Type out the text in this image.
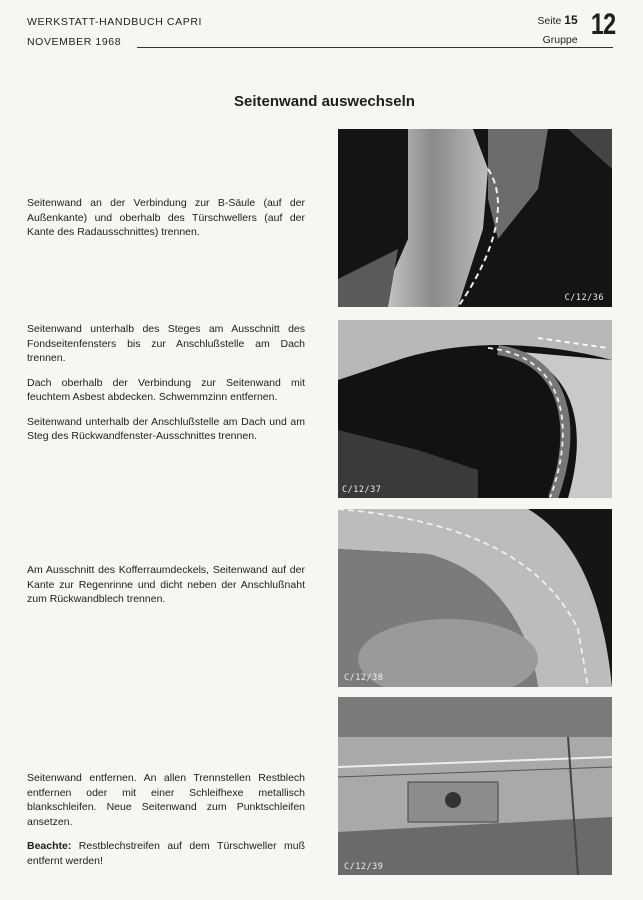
WERKSTATT-HANDBUCH CAPRI
NOVEMBER 1968
Seite 15
Gruppe 12
Seitenwand auswechseln

Seitenwand an der Verbindung zur B-Säule (auf der Außenkante) und oberhalb des Türschwellers (auf der Kante des Radausschnittes) trennen.

Seitenwand unterhalb des Steges am Ausschnitt des Fondseitenfensters bis zur Anschlußstelle am Dach trennen.

Dach oberhalb der Verbindung zur Seitenwand mit feuchtem Asbest abdecken. Schwemmzinn entfernen.

Seitenwand unterhalb der Anschlußstelle am Dach und am Steg des Rückwandfenster-Ausschnittes trennen.

Am Ausschnitt des Kofferraumdeckels, Seitenwand auf der Kante zur Regenrinne und dicht neben der Anschlußnaht zum Rückwandblech trennen.

Seitenwand entfernen. An allen Trennstellen Restblech entfernen oder mit einer Schleifhexe metallisch blankschleifen. Neue Seitenwand zum Punktschleifen ansetzen.

Beachte: Restblechstreifen auf dem Türschweller muß entfernt werden!

C/12/36
C/12/37
C/12/38
C/12/39
